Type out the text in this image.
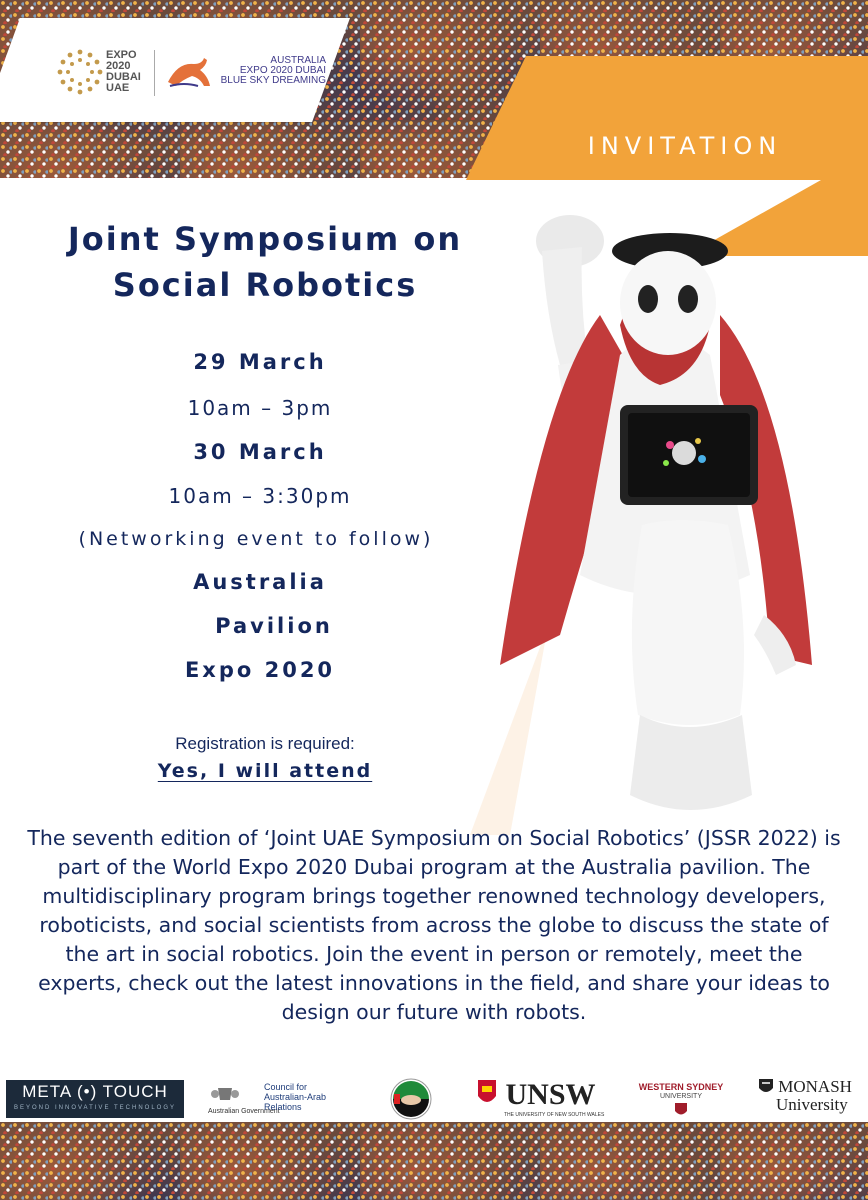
EXPO
2020
DUBAI
UAE
AUSTRALIA
EXPO 2020 DUBAI
BLUE SKY DREAMING
INVITATION
Joint Symposium on
Social Robotics
29 March
10am – 3pm
30 March
10am – 3:30pm
(Networking event to follow)
Australia
Pavilion
Expo 2020
Registration is required:
Yes, I will attend
The seventh edition of ‘Joint UAE Symposium on Social Robotics’ (JSSR 2022) is part of the World Expo 2020 Dubai program at the Australia pavilion. The multidisciplinary program brings together renowned technology developers, roboticists, and social scientists from across the globe to discuss the state of the art in social robotics. Join the event in person or remotely, meet the experts, check out the latest innovations in the field, and share your ideas to design our future with robots.
META (•) TOUCH
BEYOND INNOVATIVE TECHNOLOGY	Australian Government
Council for
Australian-Arab
Relations	UNSW
THE UNIVERSITY OF NEW SOUTH WALES
WESTERN SYDNEY
UNIVERSITY
MONASH
University
